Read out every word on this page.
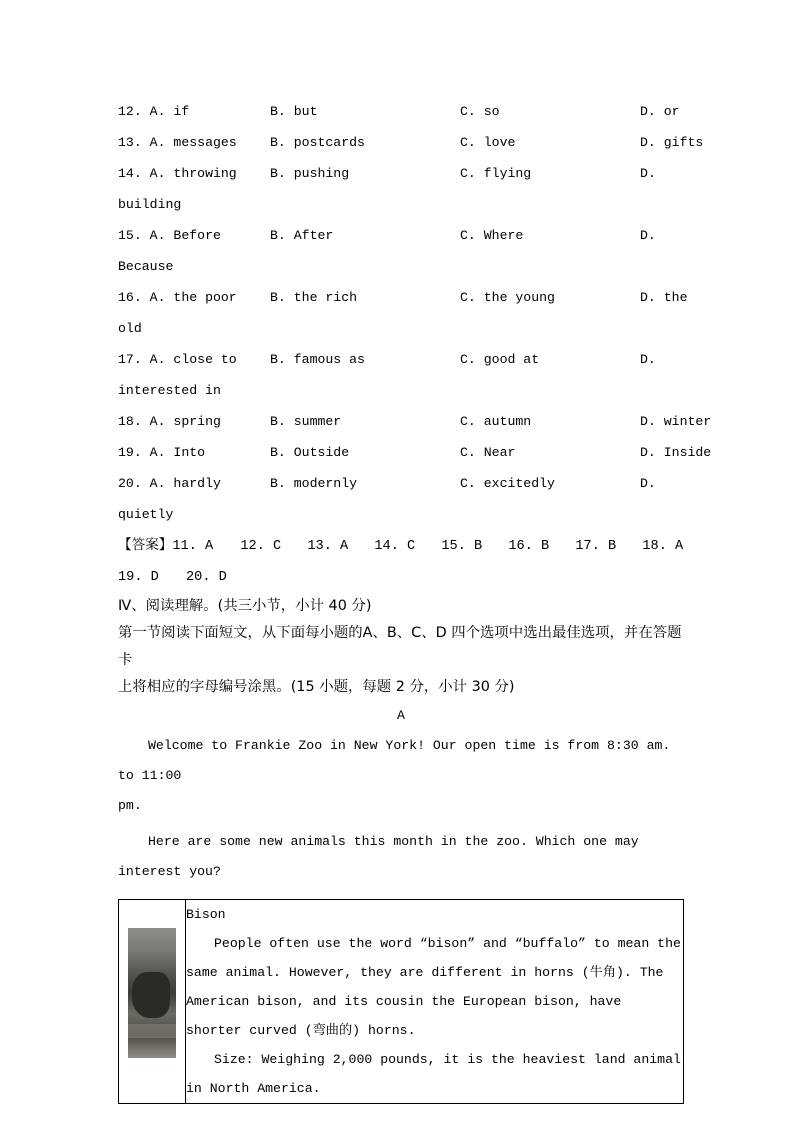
12. A. if	B. but	C. so	D. or
13. A. messages	B. postcards	C. love	D. gifts
14. A. throwing	B. pushing	C. flying	D.
building
15. A. Before	B. After	C. Where	D.
Because
16. A. the poor	B. the rich	C. the young	D. the
old
17. A. close to	B. famous as	C. good at	D.
interested in
18. A. spring	B. summer	C. autumn	D. winter
19. A. Into	B. Outside	C. Near	D. Inside
20. A. hardly	B. modernly	C. excitedly	D.
quietly
【答案】11. A 12. C 13. A 14. C 15. B 16. B 17. B 18. A
19. D 20. D
Ⅳ、阅读理解。(共三小节，小计 40 分)
第一节阅读下面短文，从下面每小题的A、B、C、D 四个选项中选出最佳选项，并在答题卡
上将相应的字母编号涂黑。(15 小题，每题 2 分，小计 30 分)
A
Welcome to Frankie Zoo in New York! Our open time is from 8:30 am. to 11:00
pm.
Here are some new animals this month in the zoo. Which one may interest you?

Bison

People often use the word “bison” and “buffalo” to mean the same animal. However, they are different in horns (牛角). The American bison, and its cousin the European bison, have shorter curved (弯曲的) horns.

Size: Weighing 2,000 pounds, it is the heaviest land animal in North America.
